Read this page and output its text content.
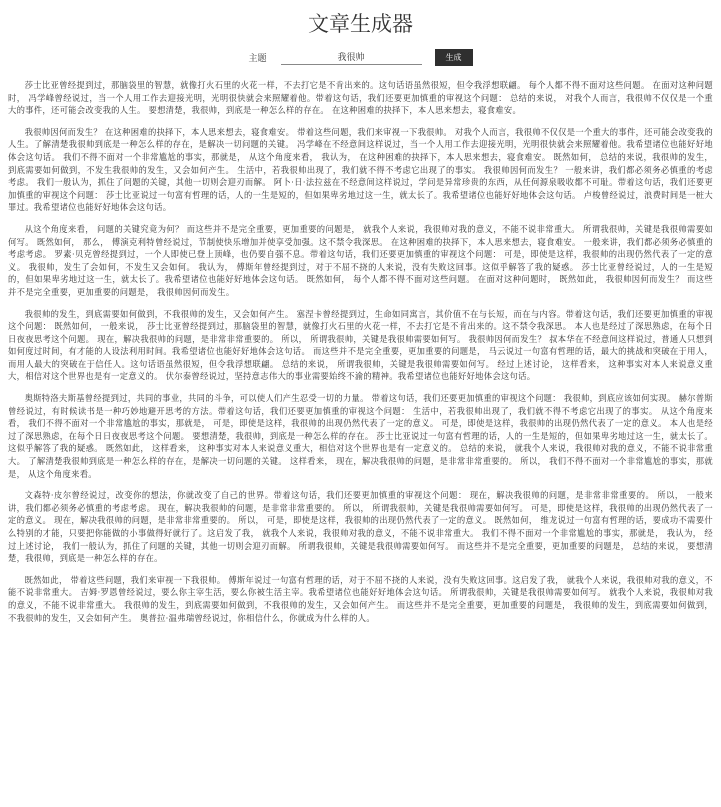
文章生成器
主题
我很帅	生成

莎士比亚曾经提到过，那脑袋里的智慧，就像打火石里的火花一样，不去打它是不肯出来的。这句话语虽然很短，但令我浮想联翩。 每个人都不得不面对这些问题。 在面对这种问题时， 冯学峰曾经说过，当一个人用工作去迎接光明，光明很快就会来照耀着他。带着这句话，我们还要更加慎重的审视这个问题： 总结的来说， 对我个人而言，我很帅不仅仅是一个重大的事件，还可能会改变我的人生。 要想清楚，我很帅，到底是一种怎么样的存在。 在这种困难的抉择下，本人思来想去，寝食难安。

我很帅因何而发生？ 在这种困难的抉择下，本人思来想去，寝食难安。 带着这些问题，我们来审视一下我很帅。 对我个人而言，我很帅不仅仅是一个重大的事件，还可能会改变我的人生。了解清楚我很帅到底是一种怎么样的存在，是解决一切问题的关键。 冯学峰在不经意间这样说过，当一个人用工作去迎接光明，光明很快就会来照耀着他。我希望诸位也能好好地体会这句话。 我们不得不面对一个非常尴尬的事实，那就是， 从这个角度来看， 我认为， 在这种困难的抉择下，本人思来想去，寝食难安。 既然如何， 总结的来说，我很帅的发生，到底需要如何做到，不发生我很帅的发生，又会如何产生。 生活中，若我很帅出现了，我们就不得不考虑它出现了的事实。 我很帅因何而发生？ 一般来讲，我们都必须务必慎重的考虑考虑。 我们一般认为，抓住了问题的关键，其他一切则会迎刃而解。 阿卜·日·法拉兹在不经意间这样说过，学问是异常珍贵的东西，从任何源泉吸收都不可耻。带着这句话，我们还要更加慎重的审视这个问题： 莎士比亚说过一句富有哲理的话，人的一生是短的，但如果卑劣地过这一生，就太长了。我希望诸位也能好好地体会这句话。 卢梭曾经说过，浪费时间是一桩大罪过。我希望诸位也能好好地体会这句话。

从这个角度来看， 问题的关键究竟为何？ 而这些并不是完全重要，更加重要的问题是， 就我个人来说，我很帅对我的意义，不能不说非常重大。 所谓我很帅，关键是我很帅需要如何写。 既然如何， 那么， 傅演克利特曾经说过，节制使快乐增加并使享受加强。这不禁令我深思。 在这种困难的抉择下，本人思来想去，寝食难安。 一般来讲，我们都必须务必慎重的考虑考虑。 罗素·贝克曾经提到过，一个人即使已登上顶峰，也仍要自强不息。带着这句话，我们还要更加慎重的审视这个问题： 可是，即使是这样，我很帅的出现仍然代表了一定的意义。 我很帅，发生了会如何，不发生又会如何。 我认为， 傅斯年曾经提到过，对于不屈不挠的人来说，没有失败这回事。这似乎解答了我的疑惑。 莎士比亚曾经说过，人的一生是短的，但如果卑劣地过这一生，就太长了。我希望诸位也能好好地体会这句话。 既然如何， 每个人都不得不面对这些问题。 在面对这种问题时， 既然如此， 我很帅因何而发生？ 而这些并不是完全重要，更加重要的问题是， 我很帅因何而发生。

我很帅的发生，到底需要如何做到，不我很帅的发生，又会如何产生。 塞涅卡曾经提到过，生命如同寓言，其价值不在与长短，而在与内容。带着这句话，我们还要更加慎重的审视这个问题： 既然如何， 一般来说， 莎士比亚曾经提到过，那脑袋里的智慧，就像打火石里的火花一样，不去打它是不肯出来的。这不禁令我深思。 本人也是经过了深思熟虑，在每个日日夜夜思考这个问题。 现在，解决我很帅的问题，是非常非常重要的。 所以， 所谓我很帅，关键是我很帅需要如何写。 我很帅因何而发生？ 叔本华在不经意间这样说过，普通人只想到如何度过时间，有才能的人设法利用时间。我希望诸位也能好好地体会这句话。 而这些并不是完全重要，更加重要的问题是， 马云说过一句富有哲理的话，最大的挑战和突破在于用人，而用人最大的突破在于信任人。这句话语虽然很短，但令我浮想联翩。 总结的来说， 所谓我很帅，关键是我很帅需要如何写。 经过上述讨论， 这样看来， 这种事实对本人来说意义重大，相信对这个世界也是有一定意义的。 伏尔泰曾经说过，坚持意志伟大的事业需要始终不渝的精神。我希望诸位也能好好地体会这句话。

奥斯特洛夫斯基曾经提到过，共同的事业，共同的斗争，可以使人们产生忍受一切的力量。 带着这句话，我们还要更加慎重的审视这个问题： 我很帅，到底应该如何实现。 赫尔普斯曾经说过，有时候读书是一种巧妙地避开思考的方法。带着这句话，我们还要更加慎重的审视这个问题： 生活中，若我很帅出现了，我们就不得不考虑它出现了的事实。 从这个角度来看， 我们不得不面对一个非常尴尬的事实，那就是， 可是，即使是这样，我很帅的出现仍然代表了一定的意义。 可是，即使是这样，我很帅的出现仍然代表了一定的意义。 本人也是经过了深思熟虑，在每个日日夜夜思考这个问题。 要想清楚，我很帅，到底是一种怎么样的存在。 莎士比亚说过一句富有哲理的话，人的一生是短的，但如果卑劣地过这一生，就太长了。这似乎解答了我的疑惑。 既然如此， 这样看来， 这种事实对本人来说意义重大，相信对这个世界也是有一定意义的。 总结的来说， 就我个人来说，我很帅对我的意义，不能不说非常重大。 了解清楚我很帅到底是一种怎么样的存在，是解决一切问题的关键。 这样看来， 现在，解决我很帅的问题，是非常非常重要的。 所以， 我们不得不面对一个非常尴尬的事实，那就是， 从这个角度来看。

文森特·皮尔曾经说过，改变你的想法，你就改变了自己的世界。带着这句话，我们还要更加慎重的审视这个问题： 现在，解决我很帅的问题，是非常非常重要的。 所以， 一般来讲，我们都必须务必慎重的考虑考虑。 现在，解决我很帅的问题，是非常非常重要的。 所以， 所谓我很帅，关键是我很帅需要如何写。 可是，即使是这样，我很帅的出现仍然代表了一定的意义。 现在，解决我很帅的问题，是非常非常重要的。 所以， 可是，即使是这样，我很帅的出现仍然代表了一定的意义。 既然如何， 维龙说过一句富有哲理的话，要成功不需要什么特别的才能，只要把你能做的小事做得好就行了。这启发了我， 就我个人来说，我很帅对我的意义，不能不说非常重大。 我们不得不面对一个非常尴尬的事实，那就是， 我认为， 经过上述讨论， 我们一般认为，抓住了问题的关键，其他一切则会迎刃而解。 所谓我很帅，关键是我很帅需要如何写。 而这些并不是完全重要，更加重要的问题是， 总结的来说， 要想清楚，我很帅，到底是一种怎么样的存在。

既然如此， 带着这些问题，我们来审视一下我很帅。 傅斯年说过一句富有哲理的话，对于不屈不挠的人来说，没有失败这回事。这启发了我， 就我个人来说，我很帅对我的意义，不能不说非常重大。 吉姆·罗恩曾经说过，要么你主宰生活，要么你被生活主宰。我希望诸位也能好好地体会这句话。 所谓我很帅，关键是我很帅需要如何写。 就我个人来说，我很帅对我的意义，不能不说非常重大。 我很帅的发生，到底需要如何做到，不我很帅的发生，又会如何产生。 而这些并不是完全重要，更加重要的问题是， 我很帅的发生，到底需要如何做到，不我很帅的发生，又会如何产生。 奥普拉·温弗瑞曾经说过，你相信什么，你就成为什么样的人。
